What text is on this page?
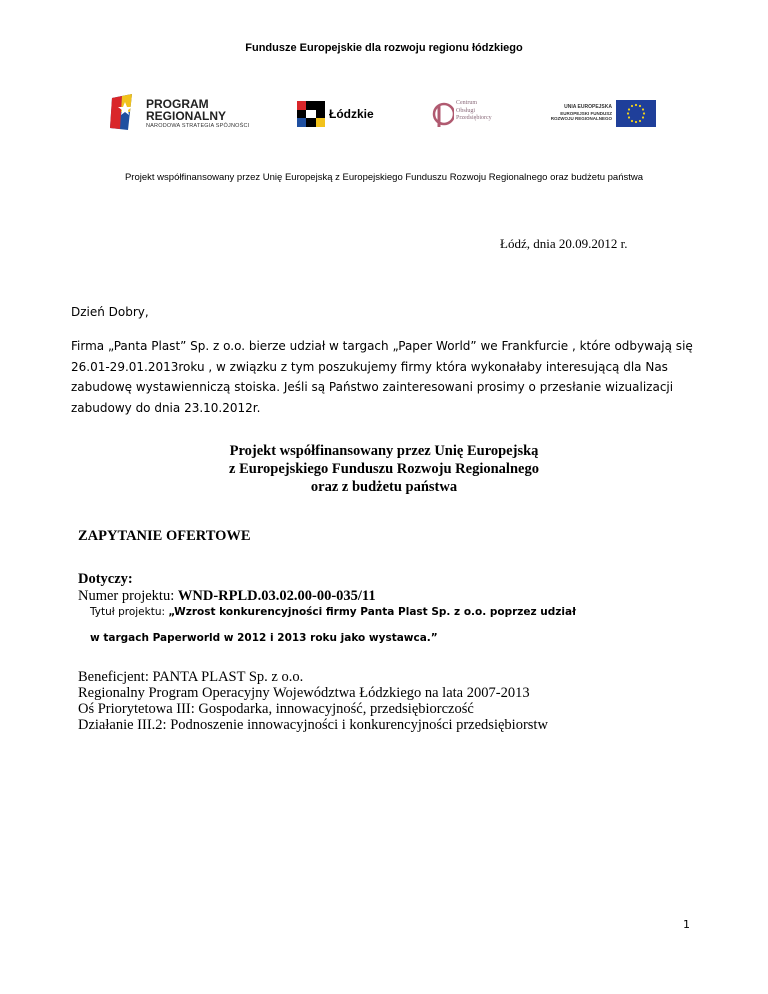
Fundusze Europejskie dla rozwoju regionu łódzkiego
PROGRAM
REGIONALNY
NARODOWA STRATEGIA SPÓJNOŚCI
Łódzkie
Centrum
Obsługi
Przedsiębiorcy
UNIA EUROPEJSKA
EUROPEJSKI FUNDUSZ
ROZWOJU REGIONALNEGO
Projekt współfinansowany przez Unię Europejską z Europejskiego Funduszu Rozwoju Regionalnego oraz budżetu państwa
Łódź, dnia 20.09.2012 r.
Dzień Dobry,
Firma „Panta Plast” Sp. z o.o. bierze udział w targach „Paper World” we Frankfurcie , które odbywają się 26.01-29.01.2013roku , w związku z tym poszukujemy firmy która wykonałaby interesującą dla Nas zabudowę wystawienniczą stoiska. Jeśli są Państwo zainteresowani prosimy o przesłanie wizualizacji zabudowy do dnia 23.10.2012r.
Projekt współfinansowany przez Unię Europejską
z Europejskiego Funduszu Rozwoju Regionalnego
oraz z budżetu państwa
ZAPYTANIE OFERTOWE
Dotyczy:
Numer projektu: WND-RPLD.03.02.00-00-035/11
Tytuł projektu: „Wzrost konkurencyjności firmy Panta Plast Sp. z o.o. poprzez udział
w targach Paperworld w 2012 i 2013 roku jako wystawca.”
Beneficjent: PANTA PLAST Sp. z o.o.
Regionalny Program Operacyjny Województwa Łódzkiego na lata 2007-2013
Oś Priorytetowa III: Gospodarka, innowacyjność, przedsiębiorczość
Działanie III.2: Podnoszenie innowacyjności i konkurencyjności przedsiębiorstw
1
